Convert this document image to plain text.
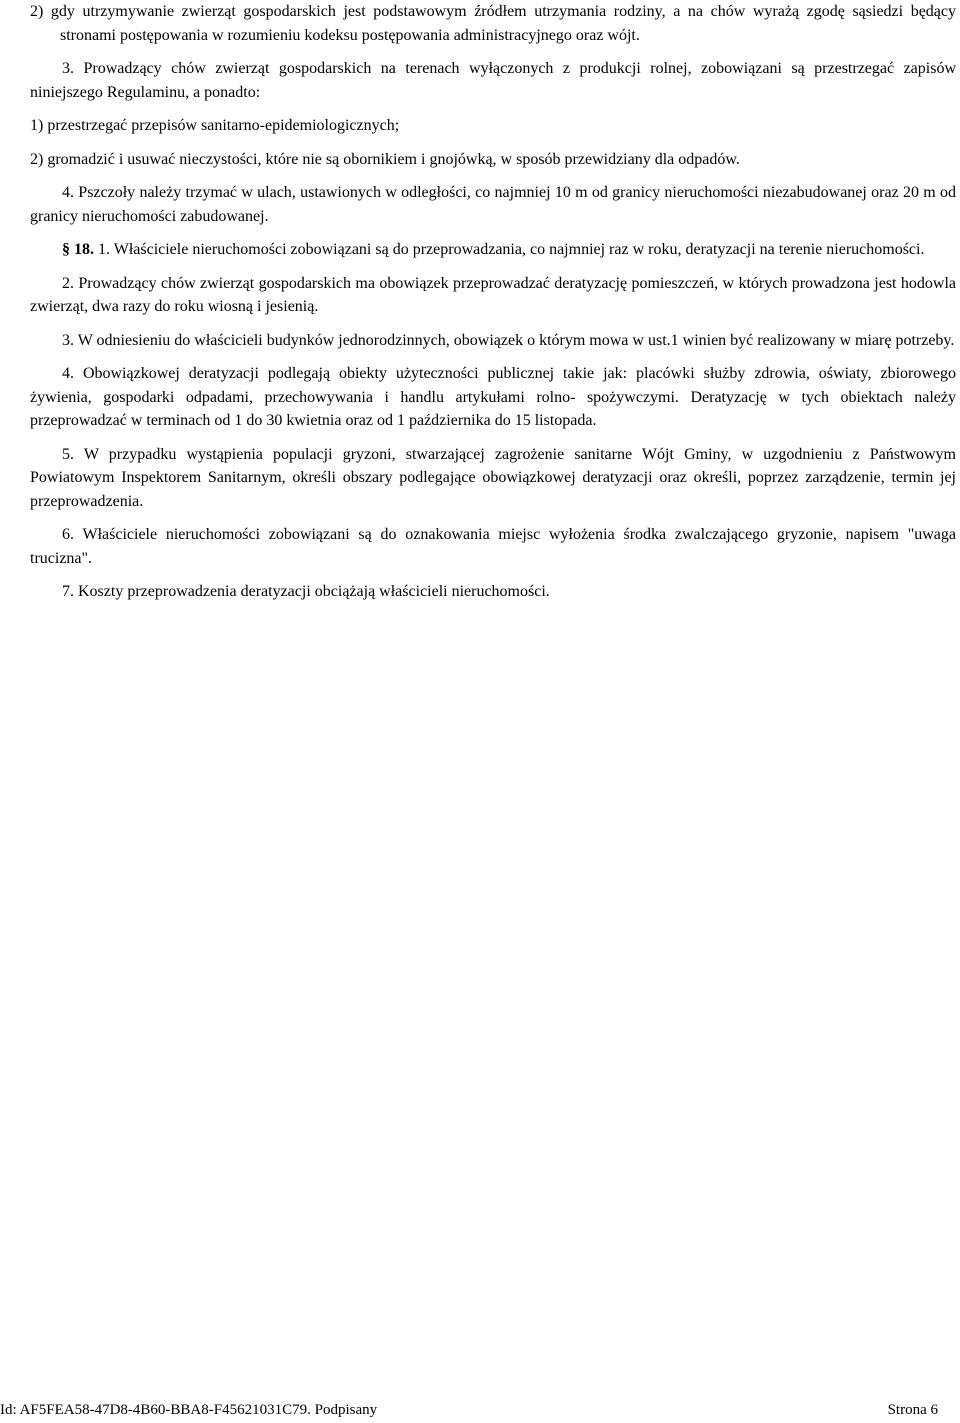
2) gdy utrzymywanie zwierząt gospodarskich jest podstawowym źródłem utrzymania rodziny, a na chów wyrażą zgodę sąsiedzi będący stronami postępowania w rozumieniu kodeksu postępowania administracyjnego oraz wójt.

3. Prowadzący chów zwierząt gospodarskich na terenach wyłączonych z produkcji rolnej, zobowiązani są przestrzegać zapisów niniejszego Regulaminu, a ponadto:

1) przestrzegać przepisów sanitarno-epidemiologicznych;

2) gromadzić i usuwać nieczystości, które nie są obornikiem i gnojówką, w sposób przewidziany dla odpadów.

4. Pszczoły należy trzymać w ulach, ustawionych w odległości, co najmniej 10 m od granicy nieruchomości niezabudowanej oraz 20 m od granicy nieruchomości zabudowanej.

§ 18. 1. Właściciele nieruchomości zobowiązani są do przeprowadzania, co najmniej raz w roku, deratyzacji na terenie nieruchomości.

2. Prowadzący chów zwierząt gospodarskich ma obowiązek przeprowadzać deratyzację pomieszczeń, w których prowadzona jest hodowla zwierząt, dwa razy do roku wiosną i jesienią.

3. W odniesieniu do właścicieli budynków jednorodzinnych, obowiązek o którym mowa w ust.1 winien być realizowany w miarę potrzeby.

4. Obowiązkowej deratyzacji podlegają obiekty użyteczności publicznej takie jak: placówki służby zdrowia, oświaty, zbiorowego żywienia, gospodarki odpadami, przechowywania i handlu artykułami rolno- spożywczymi. Deratyzację w tych obiektach należy przeprowadzać w terminach od 1 do 30 kwietnia oraz od 1 października do 15 listopada.

5. W przypadku wystąpienia populacji gryzoni, stwarzającej zagrożenie sanitarne Wójt Gminy, w uzgodnieniu z Państwowym Powiatowym Inspektorem Sanitarnym, określi obszary podlegające obowiązkowej deratyzacji oraz określi, poprzez zarządzenie, termin jej przeprowadzenia.

6. Właściciele nieruchomości zobowiązani są do oznakowania miejsc wyłożenia środka zwalczającego gryzonie, napisem "uwaga trucizna".

7. Koszty przeprowadzenia deratyzacji obciążają właścicieli nieruchomości.

Id: AF5FEA58-47D8-4B60-BBA8-F45621031C79. Podpisany	Strona 6
